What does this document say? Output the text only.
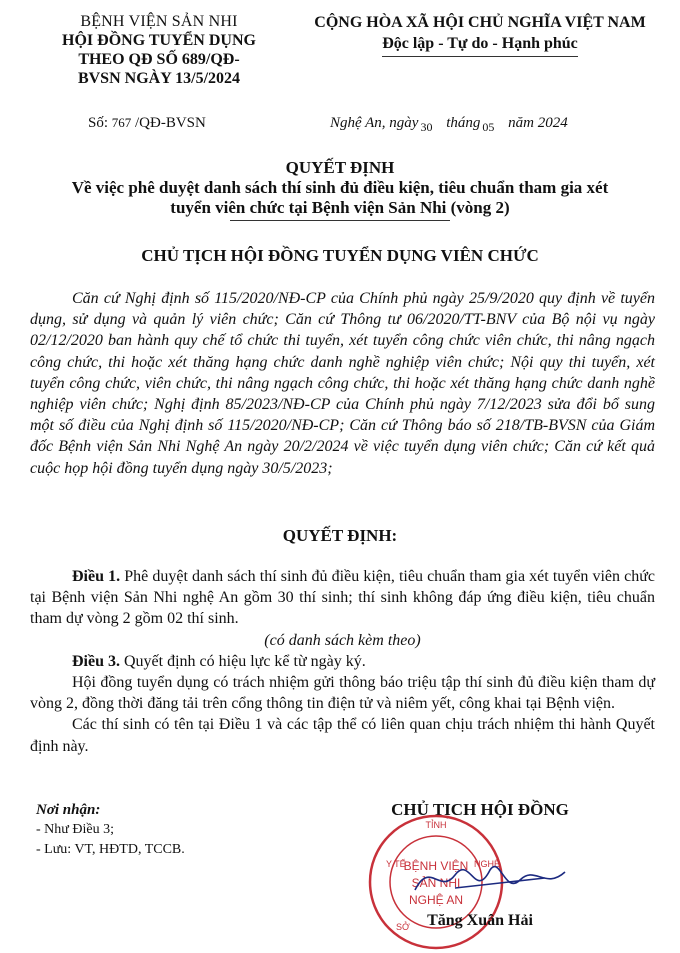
BỆNH VIỆN SẢN NHI
HỘI ĐỒNG TUYỂN DỤNG
THEO QĐ SỐ 689/QĐ-
BVSN NGÀY 13/5/2024
CỘNG HÒA XÃ HỘI CHỦ NGHĨA VIỆT NAM
Độc lập - Tự do - Hạnh phúc
Số: 767 /QĐ-BVSN	Nghệ An, ngày $_{30}$ tháng $_{05}$ năm 2024
QUYẾT ĐỊNH
Về việc phê duyệt danh sách thí sinh đủ điều kiện, tiêu chuẩn tham gia xét
tuyển viên chức tại Bệnh viện Sản Nhi (vòng 2)
CHỦ TỊCH HỘI ĐỒNG TUYỂN DỤNG VIÊN CHỨC
Căn cứ Nghị định số 115/2020/NĐ-CP của Chính phủ ngày 25/9/2020 quy định về tuyển dụng, sử dụng và quản lý viên chức; Căn cứ Thông tư 06/2020/TT-BNV của Bộ nội vụ ngày 02/12/2020 ban hành quy chế tổ chức thi tuyển, xét tuyển công chức viên chức, thi nâng ngạch công chức, thi hoặc xét thăng hạng chức danh nghề nghiệp viên chức; Nội quy thi tuyển, xét tuyển công chức, viên chức, thi nâng ngạch công chức, thi hoặc xét thăng hạng chức danh nghề nghiệp viên chức; Nghị định 85/2023/NĐ-CP của Chính phủ ngày 7/12/2023 sửa đổi bổ sung một số điều của Nghị định số 115/2020/NĐ-CP; Căn cứ Thông báo số 218/TB-BVSN của Giám đốc Bệnh viện Sản Nhi Nghệ An ngày 20/2/2024 về việc tuyển dụng viên chức; Căn cứ kết quả cuộc họp hội đồng tuyển dụng ngày 30/5/2023;
QUYẾT ĐỊNH:

Điều 1. Phê duyệt danh sách thí sinh đủ điều kiện, tiêu chuẩn tham gia xét tuyển viên chức tại Bệnh viện Sản Nhi nghệ An gồm 30 thí sinh; thí sinh không đáp ứng điều kiện, tiêu chuẩn tham dự vòng 2 gồm 02 thí sinh.

(có danh sách kèm theo)

Điều 3. Quyết định có hiệu lực kể từ ngày ký.

Hội đồng tuyển dụng có trách nhiệm gửi thông báo triệu tập thí sinh đủ điều kiện tham dự vòng 2, đồng thời đăng tải trên cổng thông tin điện tử và niêm yết, công khai tại Bệnh viện.

Các thí sinh có tên tại Điều 1 và các tập thể có liên quan chịu trách nhiệm thi hành Quyết định này.

Nơi nhận:
- Như Điều 3;
- Lưu: VT, HĐTD, TCCB.
CHỦ TỊCH HỘI ĐỒNG
TỈNH
Y TẾ	NGHỆ
SỞ
BỆNH VIỆN
SẢN NHI
NGHỆ AN
Tăng Xuân Hải
